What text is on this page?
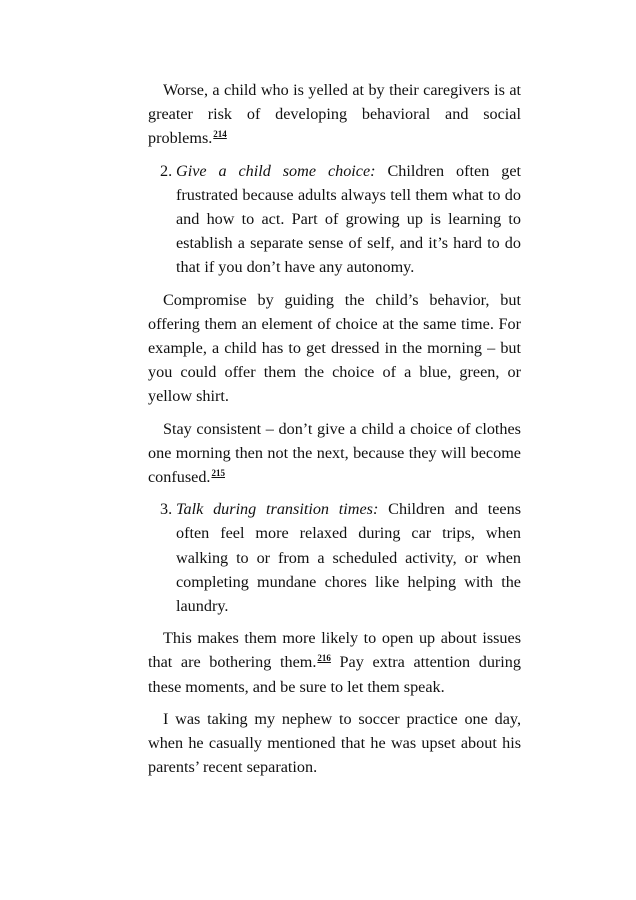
Worse, a child who is yelled at by their caregivers is at greater risk of developing behavioral and social problems.$^{214}$

2. Give a child some choice: Children often get frustrated because adults always tell them what to do and how to act. Part of growing up is learning to establish a separate sense of self, and it’s hard to do that if you don’t have any autonomy.

Compromise by guiding the child’s behavior, but offering them an element of choice at the same time. For example, a child has to get dressed in the morning – but you could offer them the choice of a blue, green, or yellow shirt.

Stay consistent – don’t give a child a choice of clothes one morning then not the next, because they will become confused.$^{215}$

3. Talk during transition times: Children and teens often feel more relaxed during car trips, when walking to or from a scheduled activity, or when completing mundane chores like helping with the laundry.

This makes them more likely to open up about issues that are bothering them.$^{216}$ Pay extra attention during these moments, and be sure to let them speak.

I was taking my nephew to soccer practice one day, when he casually mentioned that he was upset about his parents’ recent separation.
